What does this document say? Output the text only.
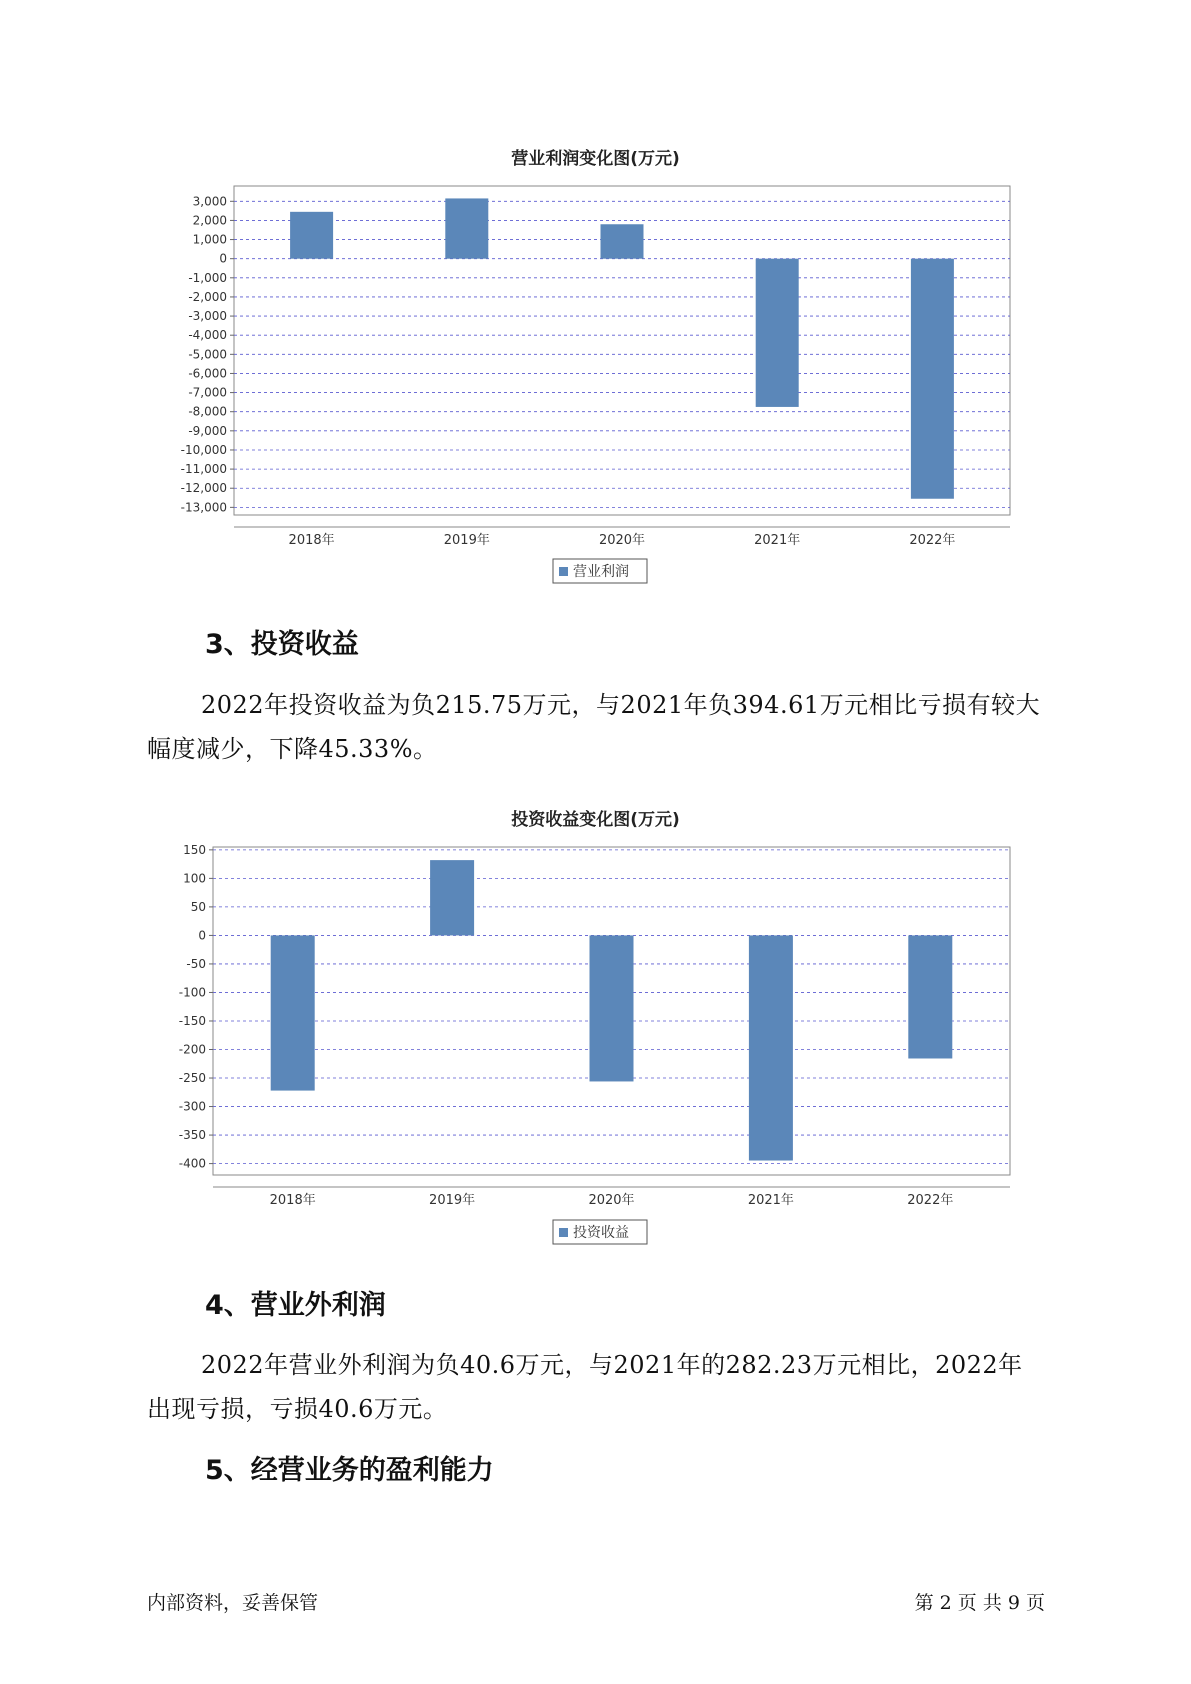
营业利润变化图(万元)
3,000
2,000
1,000
0
-1,000
-2,000
-3,000
-4,000
-5,000
-6,000
-7,000
-8,000
-9,000
-10,000
-11,000
-12,000
-13,000
2018年	2019年	2020年	2021年	2022年
营业利润
3、投资收益
2022年投资收益为负215.75万元，与2021年负394.61万元相比亏损有较大幅度减少，下降45.33%。
投资收益变化图(万元)
150
100
50
0
-50
-100
-150
-200
-250
-300
-350
-400
2018年	2019年	2020年	2021年	2022年
投资收益
4、营业外利润
2022年营业外利润为负40.6万元，与2021年的282.23万元相比，2022年出现亏损，亏损40.6万元。
5、经营业务的盈利能力
内部资料，妥善保管	第 2 页 共 9 页
